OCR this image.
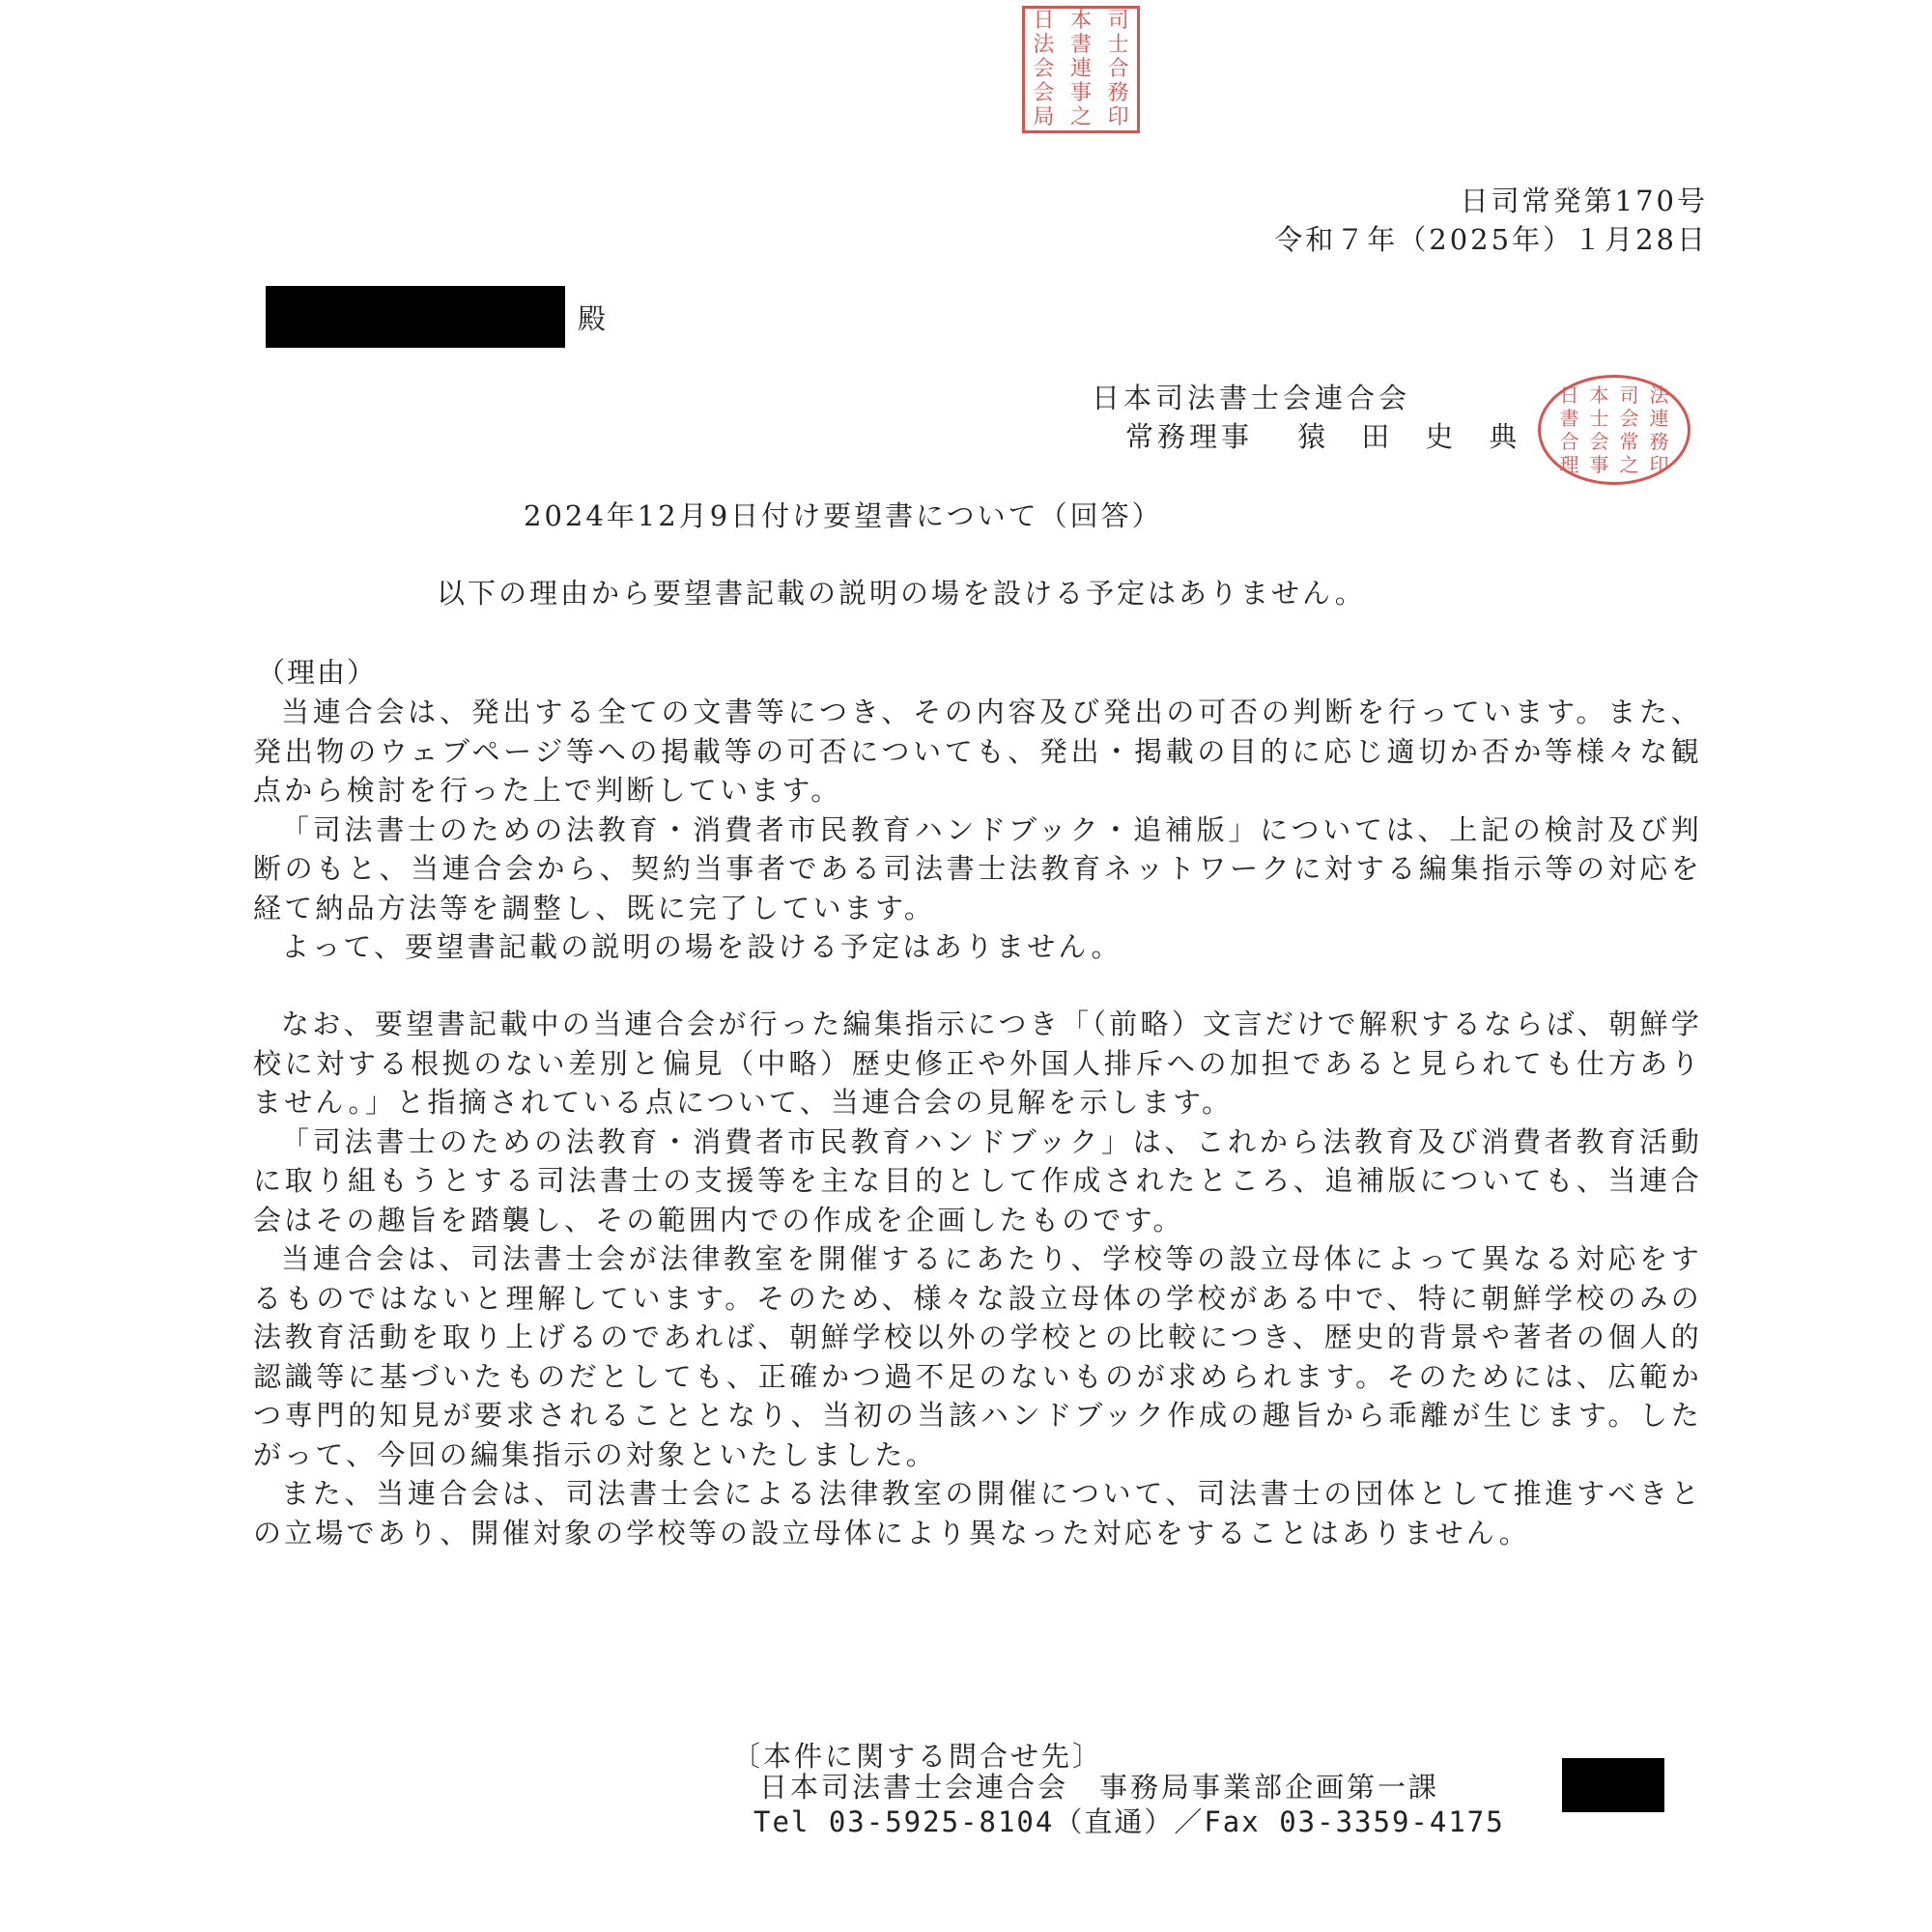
日 本 司
法 書 士
会 連 合
会 事 務
局 之 印
日司常発第170号
令和７年（2025年）１月28日
殿
日本司法書士会連合会
常務理事　 猿　田　史　典
日 本 司 法
書 士 会 連
合 会 常 務
理 事 之 印
2024年12月9日付け要望書について（回答）
以下の理由から要望書記載の説明の場を設ける予定はありません。
（理由）

当連合会は、発出する全ての文書等につき、その内容及び発出の可否の判断を行っています。また、発出物のウェブページ等への掲載等の可否についても、発出・掲載の目的に応じ適切か否か等様々な観点から検討を行った上で判断しています。

「司法書士のための法教育・消費者市民教育ハンドブック・追補版」については、上記の検討及び判断のもと、当連合会から、契約当事者である司法書士法教育ネットワークに対する編集指示等の対応を経て納品方法等を調整し、既に完了しています。

よって、要望書記載の説明の場を設ける予定はありません。

なお、要望書記載中の当連合会が行った編集指示につき「（前略）文言だけで解釈するならば、朝鮮学校に対する根拠のない差別と偏見（中略）歴史修正や外国人排斥への加担であると見られても仕方ありません。」と指摘されている点について、当連合会の見解を示します。

「司法書士のための法教育・消費者市民教育ハンドブック」は、これから法教育及び消費者教育活動に取り組もうとする司法書士の支援等を主な目的として作成されたところ、追補版についても、当連合会はその趣旨を踏襲し、その範囲内での作成を企画したものです。

当連合会は、司法書士会が法律教室を開催するにあたり、学校等の設立母体によって異なる対応をするものではないと理解しています。そのため、様々な設立母体の学校がある中で、特に朝鮮学校のみの法教育活動を取り上げるのであれば、朝鮮学校以外の学校との比較につき、歴史的背景や著者の個人的認識等に基づいたものだとしても、正確かつ過不足のないものが求められます。そのためには、広範かつ専門的知見が要求されることとなり、当初の当該ハンドブック作成の趣旨から乖離が生じます。したがって、今回の編集指示の対象といたしました。

また、当連合会は、司法書士会による法律教室の開催について、司法書士の団体として推進すべきとの立場であり、開催対象の学校等の設立母体により異なった対応をすることはありません。

〔本件に関する問合せ先〕
日本司法書士会連合会　事務局事業部企画第一課
Tel 03-5925-8104（直通）／Fax 03-3359-4175
